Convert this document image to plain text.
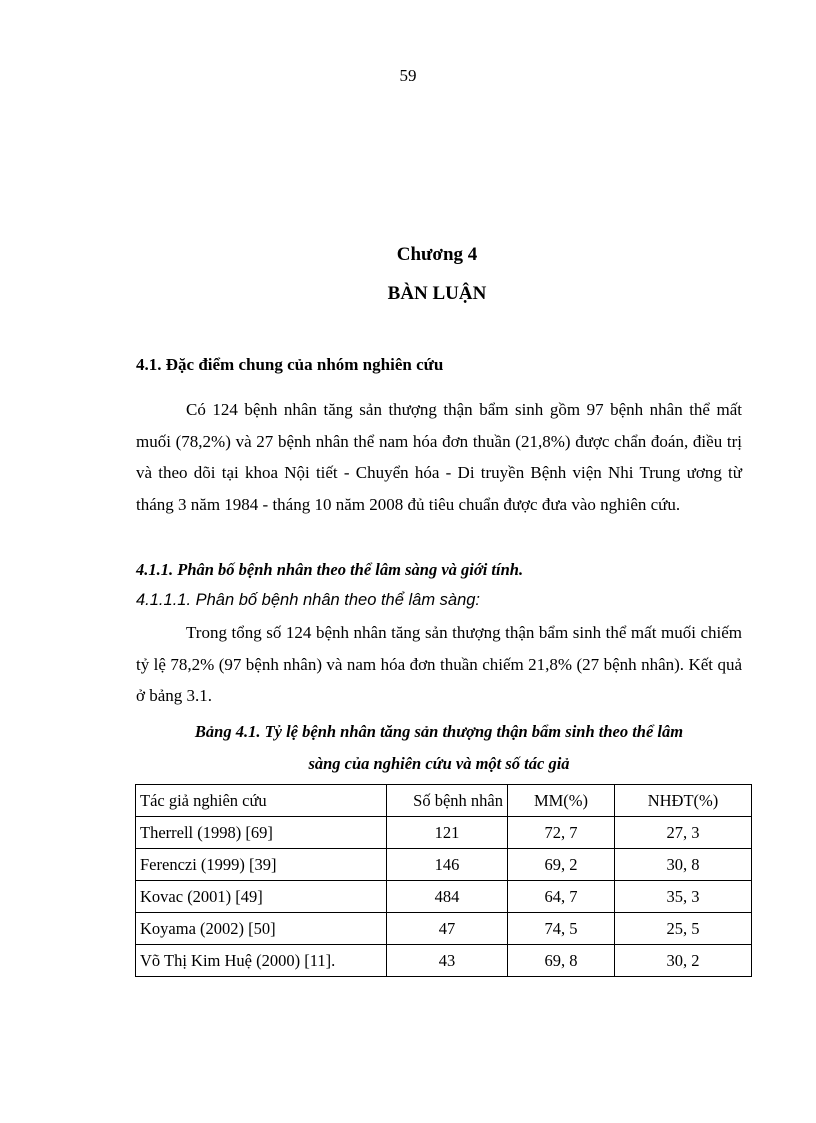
59
Chương 4
BÀN LUẬN
4.1. Đặc điểm chung của nhóm nghiên cứu

Có 124 bệnh nhân tăng sản thượng thận bẩm sinh gồm 97 bệnh nhân thể mất muối (78,2%) và 27 bệnh nhân thể nam hóa đơn thuần (21,8%) được chẩn đoán, điều trị và theo dõi tại khoa Nội tiết - Chuyển hóa - Di truyền Bệnh viện Nhi Trung ương từ tháng 3 năm 1984 - tháng 10 năm 2008 đủ tiêu chuẩn được đưa vào nghiên cứu.

4.1.1. Phân bố bệnh nhân theo thể lâm sàng và giới tính.
4.1.1.1. Phân bố bệnh nhân theo thể lâm sàng:

Trong tổng số 124 bệnh nhân tăng sản thượng thận bẩm sinh thể mất muối chiếm tỷ lệ 78,2% (97 bệnh nhân) và nam hóa đơn thuần chiếm 21,8% (27 bệnh nhân). Kết quả ở bảng 3.1.

Bảng 4.1. Tỷ lệ bệnh nhân tăng sản thượng thận bẩm sinh theo thể lâm

sàng của nghiên cứu và một số tác giả

Tác giả nghiên cứu	Số bệnh nhân	MM(%)	NHĐT(%)
Therrell (1998) [69]	121	72, 7	27, 3
Ferenczi (1999) [39]	146	69, 2	30, 8
Kovac (2001) [49]	484	64, 7	35, 3
Koyama (2002) [50]	47	74, 5	25, 5
Võ Thị Kim Huệ (2000) [11].	43	69, 8	30, 2
